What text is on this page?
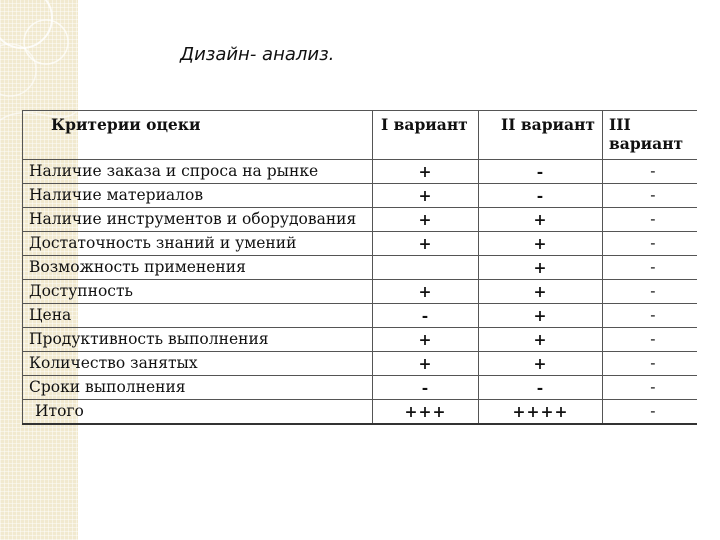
Дизайн- анализ.
Критерии оцеки	I вариант	II вариант	III вариант
Наличие заказа и спроса на рынке	+	-	-
Наличие материалов	+	-	-
Наличие инструментов и оборудования	+	+	-
Достаточность знаний и умений	+	+	-
Возможность применения		+	-
Доступность	+	+	-
Цена	-	+	-
Продуктивность выполнения	+	+	-
Количество занятых	+	+	-
Сроки выполнения	-	-	-
Итого	+++	++++	-
